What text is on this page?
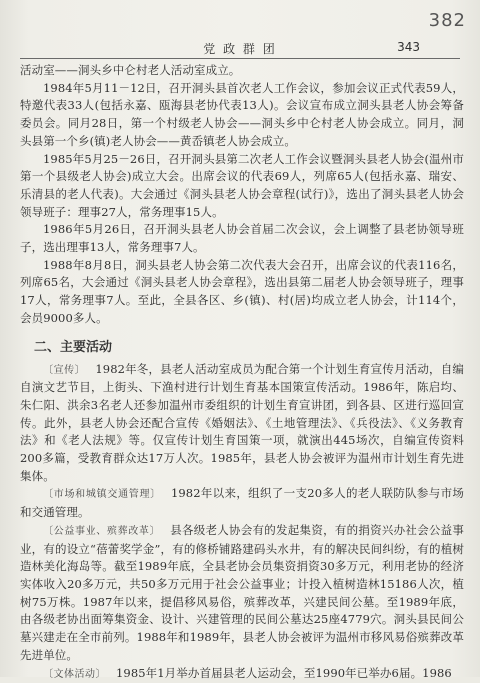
382
党 政 群 团	343

活动室——洞头乡中仑村老人活动室成立。

1984年5月11－12日，召开洞头县首次老人工作会议，参加会议正式代表59人，特邀代表33人(包括永嘉、瓯海县老协代表13人)。会议宣布成立洞头县老人协会筹备委员会。同月28日，第一个村级老人协会——洞头乡中仑村老人协会成立。同月，洞头县第一个乡(镇)老人协会——黄岙镇老人协会成立。

1985年5月25－26日，召开洞头县第二次老人工作会议暨洞头县老人协会(温州市第一个县级老人协会)成立大会。出席会议的代表69人，列席65人(包括永嘉、瑞安、乐清县的老人代表)。大会通过《洞头县老人协会章程(试行)》，选出了洞头县老人协会领导班子：理事27人，常务理事15人。

1986年5月26日，召开洞头县老人协会首届二次会议，会上调整了县老协领导班子，选出理事13人，常务理事7人。

1988年8月8日，洞头县老人协会第二次代表大会召开，出席会议的代表116名，列席65名，大会通过《洞头县老人协会章程》，选出县第二届老人协会领导班子，理事17人，常务理事7人。至此，全县各区、乡(镇)、村(居)均成立老人协会，计114个，会员9000多人。

二、主要活动

〔宣传〕 1982年冬，县老人活动室成员为配合第一个计划生育宣传月活动，自编自演文艺节目，上街头、下渔村进行计划生育基本国策宣传活动。1986年，陈启均、朱仁阳、洪余3名老人还参加温州市委组织的计划生育宣讲团，到各县、区进行巡回宣传。此外，县老人协会还配合宣传《婚姻法》、《土地管理法》、《兵役法》、《义务教育法》和《老人法规》等。仅宣传计划生育国策一项，就演出445场次，自编宣传资料200多篇，受教育群众达17万人次。1985年，县老人协会被评为温州市计划生育先进集体。

〔市场和城镇交通管理〕 1982年以来，组织了一支20多人的老人联防队参与市场和交通管理。

〔公益事业、殡葬改革〕 县各级老人协会有的发起集资，有的捐资兴办社会公益事业，有的设立“蓓蕾奖学金”，有的修桥铺路建码头水井，有的解决民间纠纷，有的植树造林美化海岛等。截至1989年底，全县老协会员集资捐资30多万元，利用老协的经济实体收入20多万元，共50多万元用于社会公益事业；计投入植树造林15186人次，植树75万株。1987年以来，提倡移风易俗，殡葬改革，兴建民间公墓。至1989年底，由各级老协出面筹集资金、设计、兴建管理的民间公墓达25座4779穴。洞头县民间公墓兴建走在全市前列。1988年和1989年，县老人协会被评为温州市移风易俗殡葬改革先进单位。

〔文体活动〕 1985年1月举办首届县老人运动会，至1990年已举办6届。1986
